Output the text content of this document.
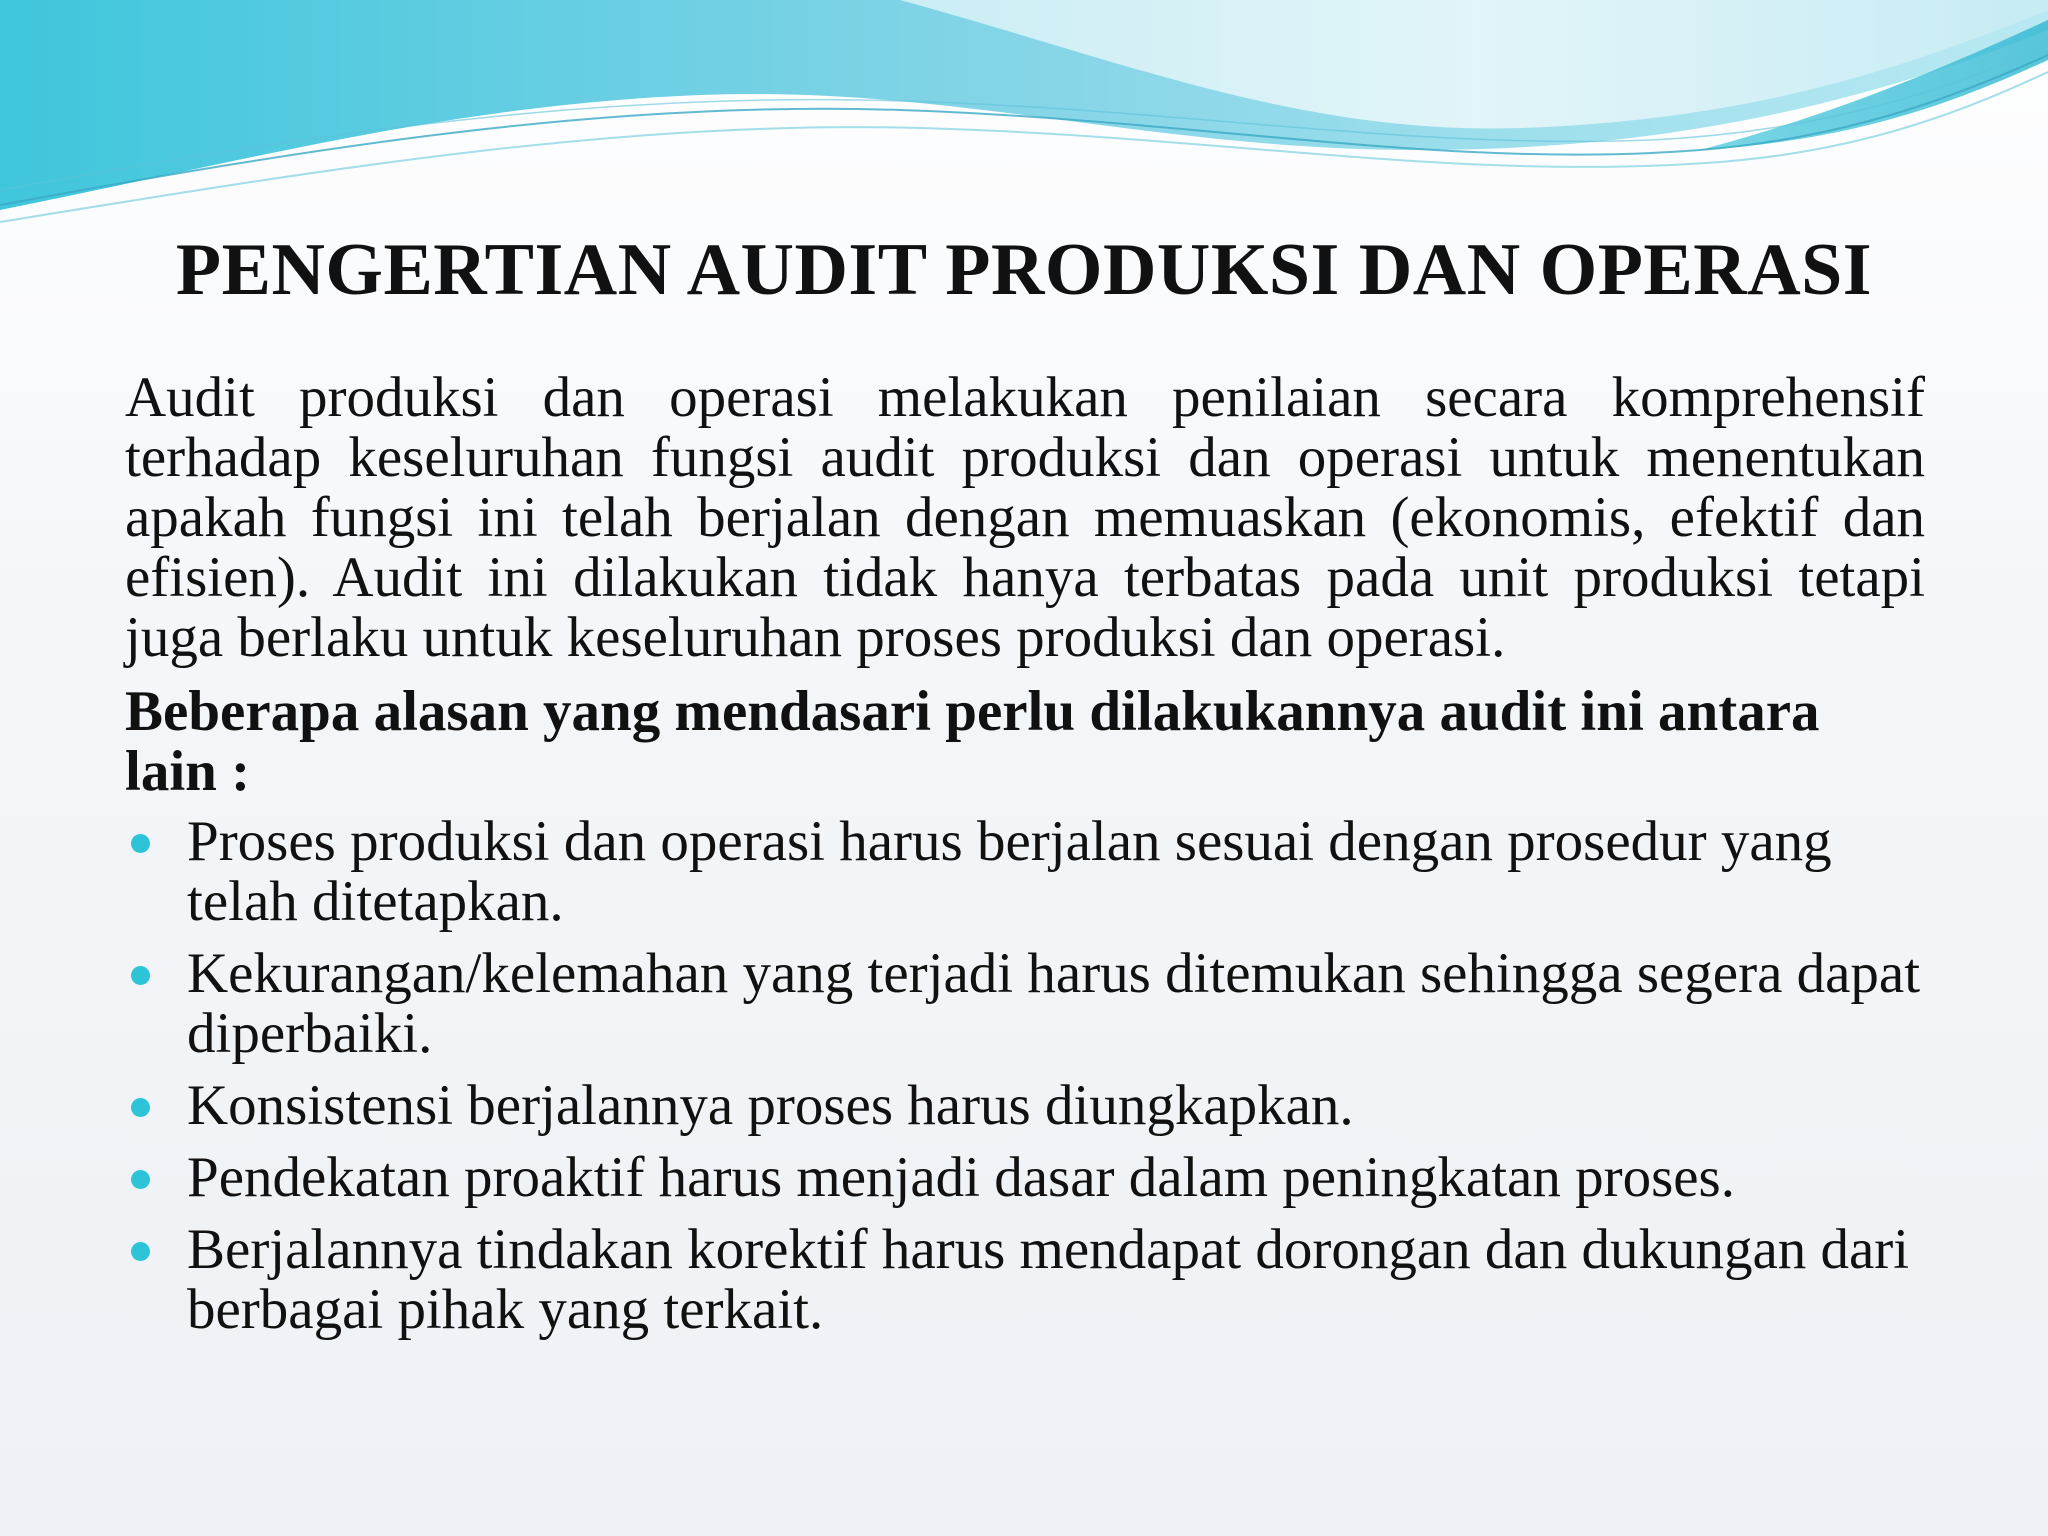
PENGERTIAN AUDIT PRODUKSI DAN OPERASI

Audit produksi dan operasi melakukan penilaian secara komprehensif terhadap keseluruhan fungsi audit produksi dan operasi untuk menentukan apakah fungsi ini telah berjalan dengan memuaskan (ekonomis, efektif dan efisien). Audit ini dilakukan tidak hanya terbatas pada unit produksi tetapi juga berlaku untuk keseluruhan proses produksi dan operasi.

Beberapa alasan yang mendasari perlu dilakukannya audit ini antara lain :

Proses produksi dan operasi harus berjalan sesuai dengan prosedur yang telah ditetapkan.
Kekurangan/kelemahan yang terjadi harus ditemukan sehingga segera dapat diperbaiki.
Konsistensi berjalannya proses harus diungkapkan.
Pendekatan proaktif harus menjadi dasar dalam peningkatan proses.
Berjalannya tindakan korektif harus mendapat dorongan dan dukungan dari berbagai pihak yang terkait.
